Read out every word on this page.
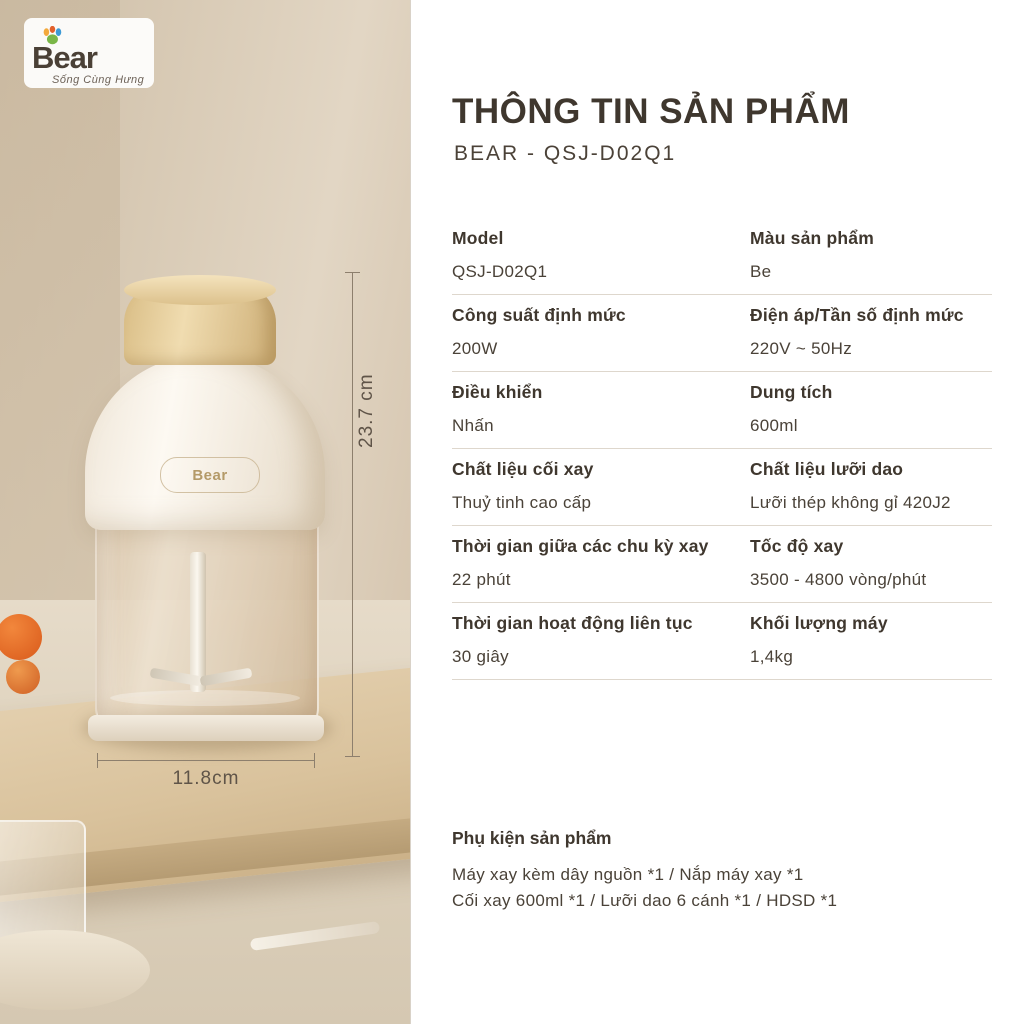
Bear
23.7 cm
11.8cm
Bear
Sống Cùng Hưng
THÔNG TIN SẢN PHẨM
BEAR - QSJ-D02Q1
Model
QSJ-D02Q1
Màu sản phẩm
Be
Công suất định mức
200W
Điện áp/Tần số định mức
220V ~ 50Hz
Điều khiển
Nhấn
Dung tích
600ml
Chất liệu cối xay
Thuỷ tinh cao cấp
Chất liệu lưỡi dao
Lưỡi thép không gỉ 420J2
Thời gian giữa các chu kỳ xay
22 phút
Tốc độ xay
3500 - 4800 vòng/phút
Thời gian hoạt động liên tục
30 giây
Khối lượng máy
1,4kg
Phụ kiện sản phẩm
Máy xay kèm dây nguồn *1 / Nắp máy xay *1
Cối xay 600ml *1 / Lưỡi dao 6 cánh *1 / HDSD *1
